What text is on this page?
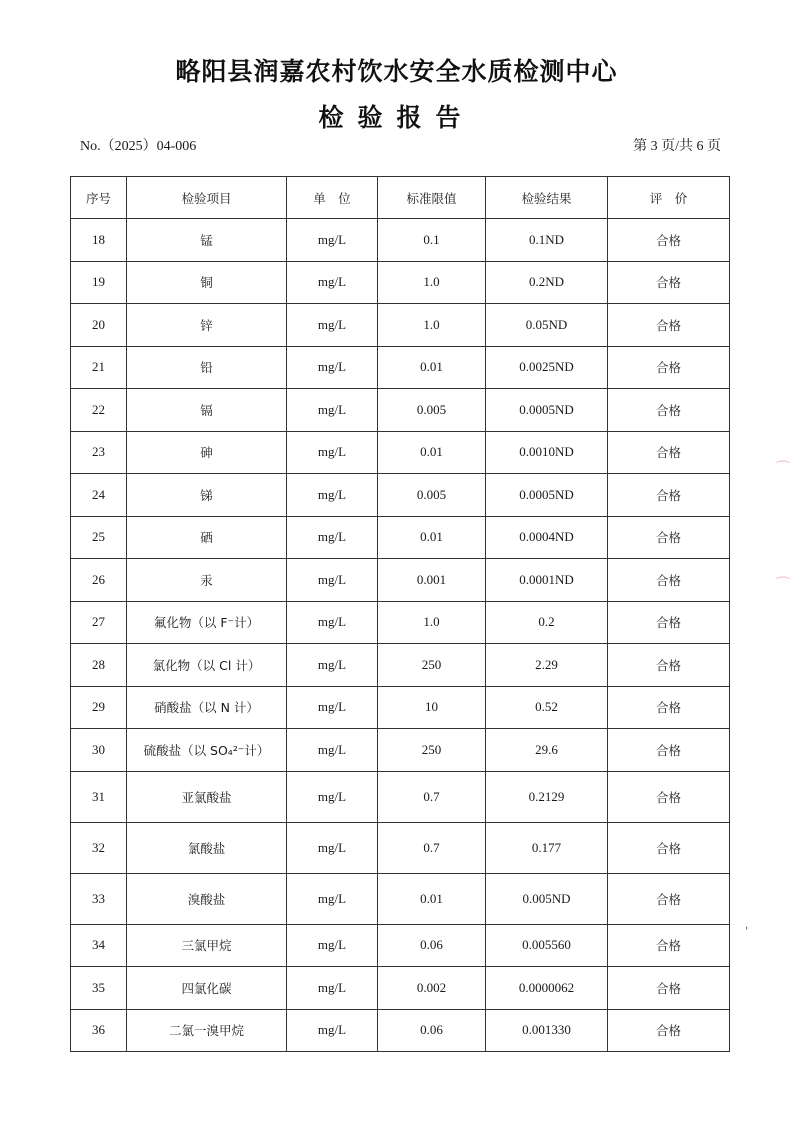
略阳县润嘉农村饮水安全水质检测中心
检验报告
No.（2025）04-006	第 3 页/共 6 页
序号	检验项目	单　位	标准限值	检验结果	评　价
18	锰	mg/L	0.1	0.1ND	合格
19	铜	mg/L	1.0	0.2ND	合格
20	锌	mg/L	1.0	0.05ND	合格
21	铅	mg/L	0.01	0.0025ND	合格
22	镉	mg/L	0.005	0.0005ND	合格
23	砷	mg/L	0.01	0.0010ND	合格
24	锑	mg/L	0.005	0.0005ND	合格
25	硒	mg/L	0.01	0.0004ND	合格
26	汞	mg/L	0.001	0.0001ND	合格
27	氟化物（以 F⁻计）	mg/L	1.0	0.2	合格
28	氯化物（以 Cl 计）	mg/L	250	2.29	合格
29	硝酸盐（以 N 计）	mg/L	10	0.52	合格
30	硫酸盐（以 SO₄²⁻计）	mg/L	250	29.6	合格
31	亚氯酸盐	mg/L	0.7	0.2129	合格
32	氯酸盐	mg/L	0.7	0.177	合格
33	溴酸盐	mg/L	0.01	0.005ND	合格
34	三氯甲烷	mg/L	0.06	0.005560	合格
35	四氯化碳	mg/L	0.002	0.0000062	合格
36	二氯一溴甲烷	mg/L	0.06	0.001330	合格
⌒
⌒
ˈ
